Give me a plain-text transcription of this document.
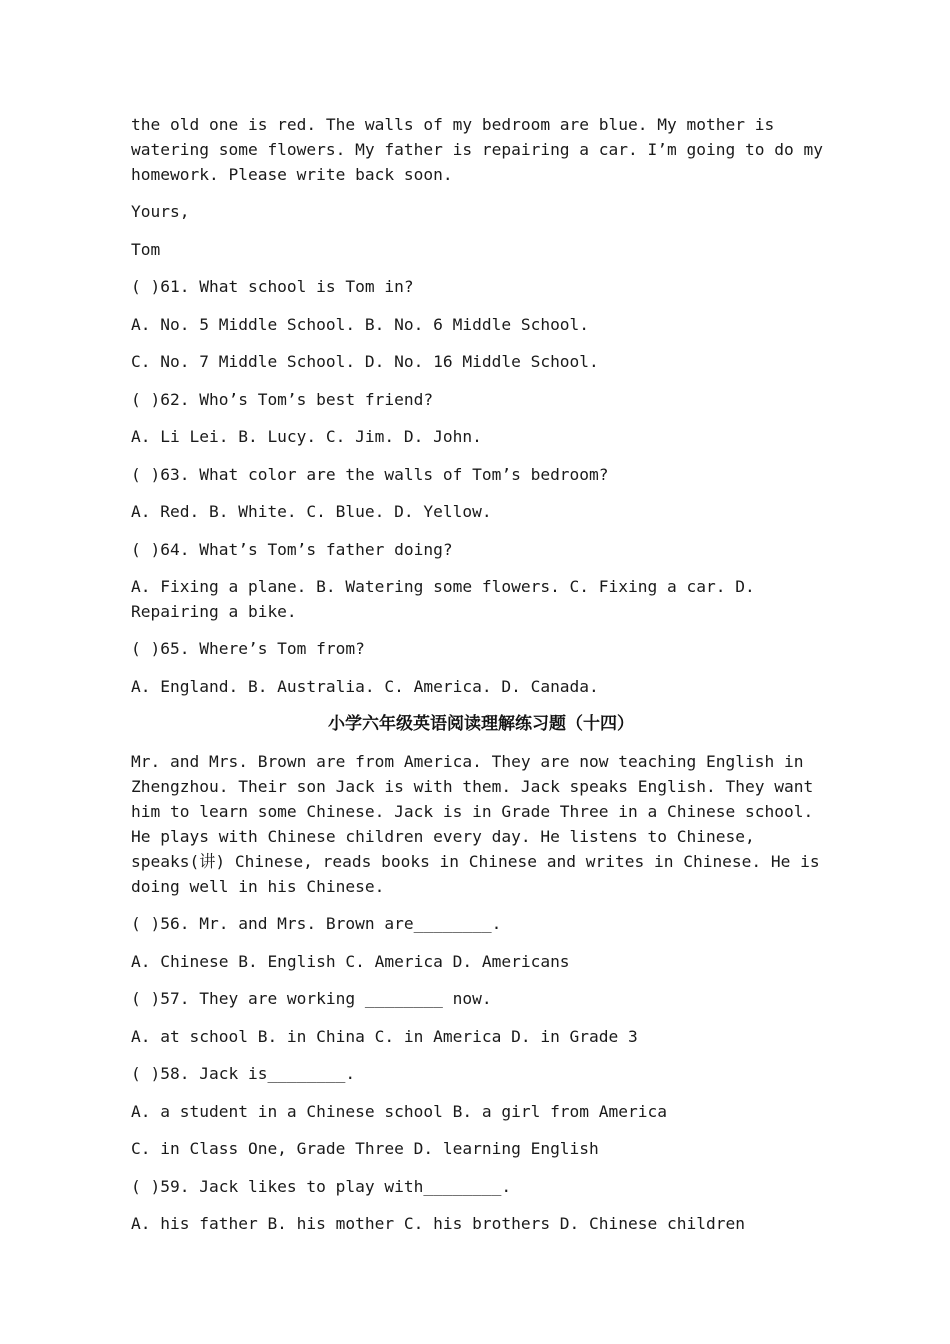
the old one is red. The walls of my bedroom are blue. My mother is watering some flowers. My father is repairing a car. I’m going to do my homework. Please write back soon.

Yours,

Tom

( )61. What school is Tom in?

A. No. 5 Middle School. B. No. 6 Middle School.

C. No. 7 Middle School. D. No. 16 Middle School.

( )62. Who’s Tom’s best friend?

A. Li Lei. B. Lucy. C. Jim. D. John.

( )63. What color are the walls of Tom’s bedroom?

A. Red. B. White. C. Blue. D. Yellow.

( )64. What’s Tom’s father doing?

A. Fixing a plane. B. Watering some flowers. C. Fixing a car. D. Repairing a bike.

( )65. Where’s Tom from?

A. England. B. Australia. C. America. D. Canada.

小学六年级英语阅读理解练习题（十四）

Mr. and Mrs. Brown are from America. They are now teaching English in Zhengzhou. Their son Jack is with them. Jack speaks English. They want him to learn some Chinese. Jack is in Grade Three in a Chinese school. He plays with Chinese children every day. He listens to Chinese, speaks(讲) Chinese, reads books in Chinese and writes in Chinese. He is doing well in his Chinese.

( )56. Mr. and Mrs. Brown are________.

A. Chinese B. English C. America D. Americans

( )57. They are working ________ now.

A. at school B. in China C. in America D. in Grade 3

( )58. Jack is________.

A. a student in a Chinese school B. a girl from America

C. in Class One, Grade Three D. learning English

( )59. Jack likes to play with________.

A. his father B. his mother C. his brothers D. Chinese children
